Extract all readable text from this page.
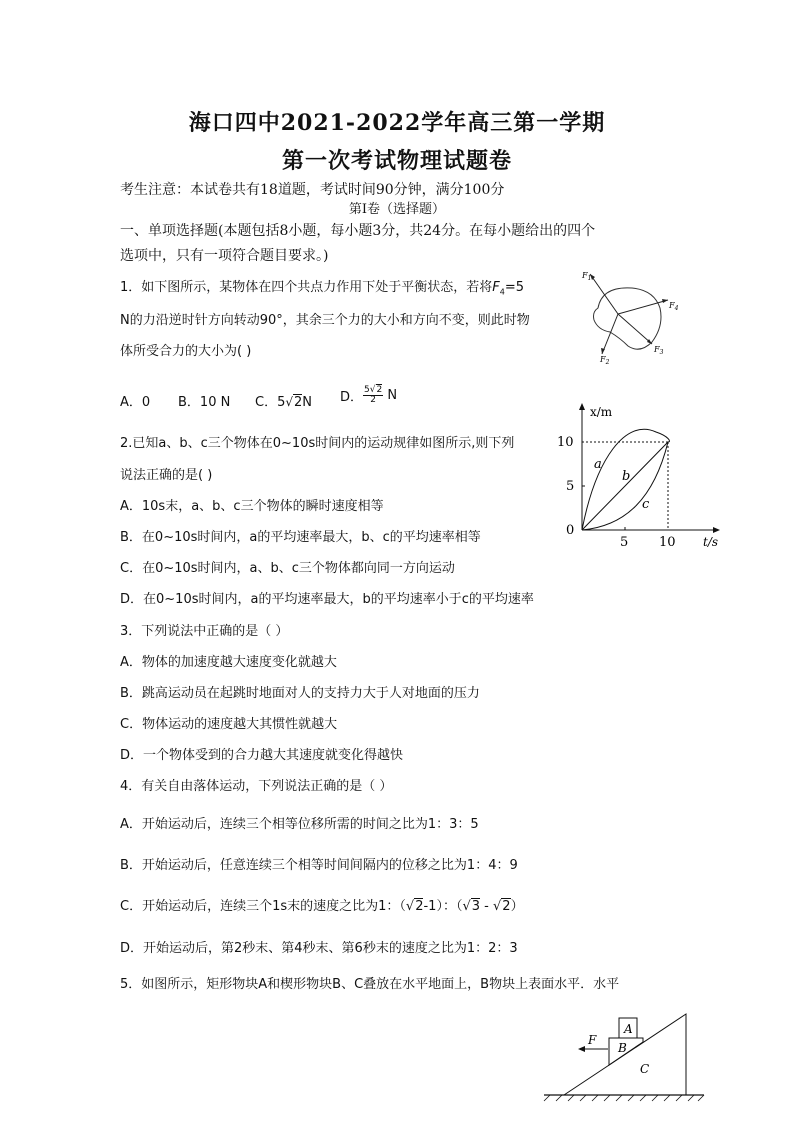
海口四中2021-2022学年高三第一学期
第一次考试物理试题卷
考生注意：本试卷共有18道题，考试时间90分钟，满分100分
第Ⅰ卷（选择题）
一、单项选择题(本题包括8小题，每小题3分，共24分。在每小题给出的四个
选项中，只有一项符合题目要求。)
1．如下图所示，某物体在四个共点力作用下处于平衡状态，若将$F_4=5$
N的力沿逆时针方向转动90°，其余三个力的大小和方向不变，则此时物
体所受合力的大小为( )
$F_1$
$F_4$
$F_3$
$F_2$
A．0 B．10 N C．5√2N D． $\frac{5√2}{2}$ N
x/m
t/s
0
5 10
5
10
a
b
c
2.已知a、b、c三个物体在0~10s时间内的运动规律如图所示,则下列
说法正确的是( )
A．10s末，a、b、c三个物体的瞬时速度相等
B．在0~10s时间内，a的平均速率最大，b、c的平均速率相等
C．在0~10s时间内，a、b、c三个物体都向同一方向运动
D．在0~10s时间内，a的平均速率最大，b的平均速率小于c的平均速率
3．下列说法中正确的是（ ）
A．物体的加速度越大速度变化就越大
B．跳高运动员在起跳时地面对人的支持力大于人对地面的压力
C．物体运动的速度越大其惯性就越大
D．一个物体受到的合力越大其速度就变化得越快
4．有关自由落体运动，下列说法正确的是（ ）
A．开始运动后，连续三个相等位移所需的时间之比为1：3：5
B．开始运动后，任意连续三个相等时间间隔内的位移之比为1：4：9
C．开始运动后，连续三个1s末的速度之比为1：（√2-1）：（√3 - √2）
D．开始运动后，第2秒末、第4秒末、第6秒末的速度之比为1：2：3
5．如图所示，矩形物块A和楔形物块B、C叠放在水平地面上，B物块上表面水平．水平
A
B
C
F
